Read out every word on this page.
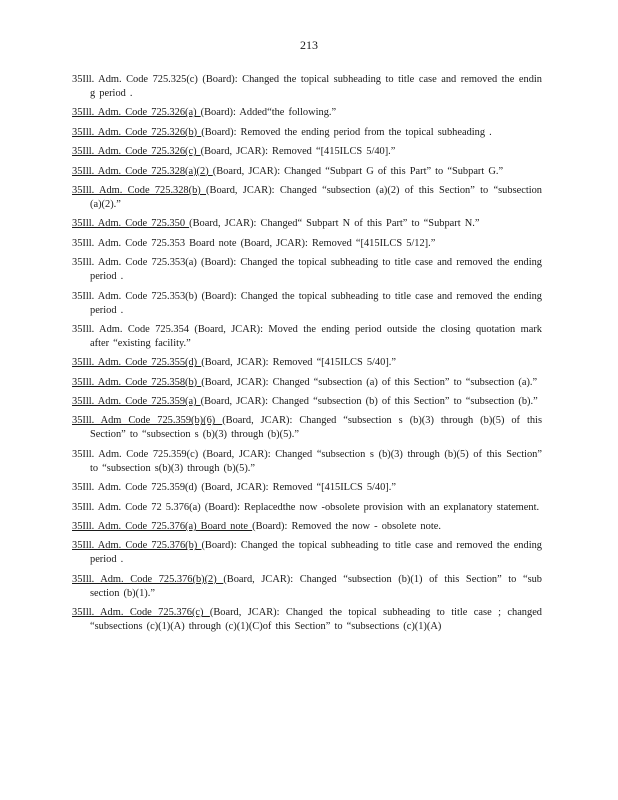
213

35Ill. Adm. Code 725.325(c) (Board): Changed the topical subheading to title case and removed the endin g period .

35Ill. Adm. Code 725.326(a) (Board): Added“the following.”

35Ill. Adm. Code 725.326(b) (Board): Removed the ending period from the topical subheading .

35Ill. Adm. Code 725.326(c) (Board, JCAR): Removed “[415ILCS 5/40].”

35Ill. Adm. Code 725.328(a)(2) (Board, JCAR): Changed “Subpart G of this Part” to “Subpart G.”

35Ill. Adm. Code 725.328(b) (Board, JCAR): Changed “subsection (a)(2) of this Section” to “subsection (a)(2).”

35Ill. Adm. Code 725.350 (Board, JCAR): Changed“ Subpart N of this Part” to “Subpart N.”

35Ill. Adm. Code 725.353 Board note (Board, JCAR): Removed “[415ILCS 5/12].”

35Ill. Adm. Code 725.353(a) (Board): Changed the topical subheading to title case and removed the ending period .

35Ill. Adm. Code 725.353(b) (Board): Changed the topical subheading to title case and removed the ending period .

35Ill. Adm. Code 725.354 (Board, JCAR): Moved the ending period outside the closing quotation mark after “existing facility.”

35Ill. Adm. Code 725.355(d) (Board, JCAR): Removed “[415ILCS 5/40].”

35Ill. Adm. Code 725.358(b) (Board, JCAR): Changed “subsection (a) of this Section” to “subsection (a).”

35Ill. Adm. Code 725.359(a) (Board, JCAR): Changed “subsection (b) of this Section” to “subsection (b).”

35Ill. Adm Code 725.359(b)(6) (Board, JCAR): Changed “subsection s (b)(3) through (b)(5) of this Section” to “subsection s (b)(3) through (b)(5).”

35Ill. Adm. Code 725.359(c) (Board, JCAR): Changed “subsection s (b)(3) through (b)(5) of this Section” to “subsection s(b)(3) through (b)(5).”

35Ill. Adm. Code 725.359(d) (Board, JCAR): Removed “[415ILCS 5/40].”

35Ill. Adm. Code 72 5.376(a) (Board): Replacedthe now -obsolete provision with an explanatory statement.

35Ill. Adm. Code 725.376(a) Board note (Board): Removed the now - obsolete note.

35Ill. Adm. Code 725.376(b) (Board): Changed the topical subheading to title case and removed the ending period .

35Ill. Adm. Code 725.376(b)(2) (Board, JCAR): Changed “subsection (b)(1) of this Section” to “sub section (b)(1).”

35Ill. Adm. Code 725.376(c) (Board, JCAR): Changed the topical subheading to title case ; changed “subsections (c)(1)(A) through (c)(1)(C)of this Section” to “subsections (c)(1)(A)
